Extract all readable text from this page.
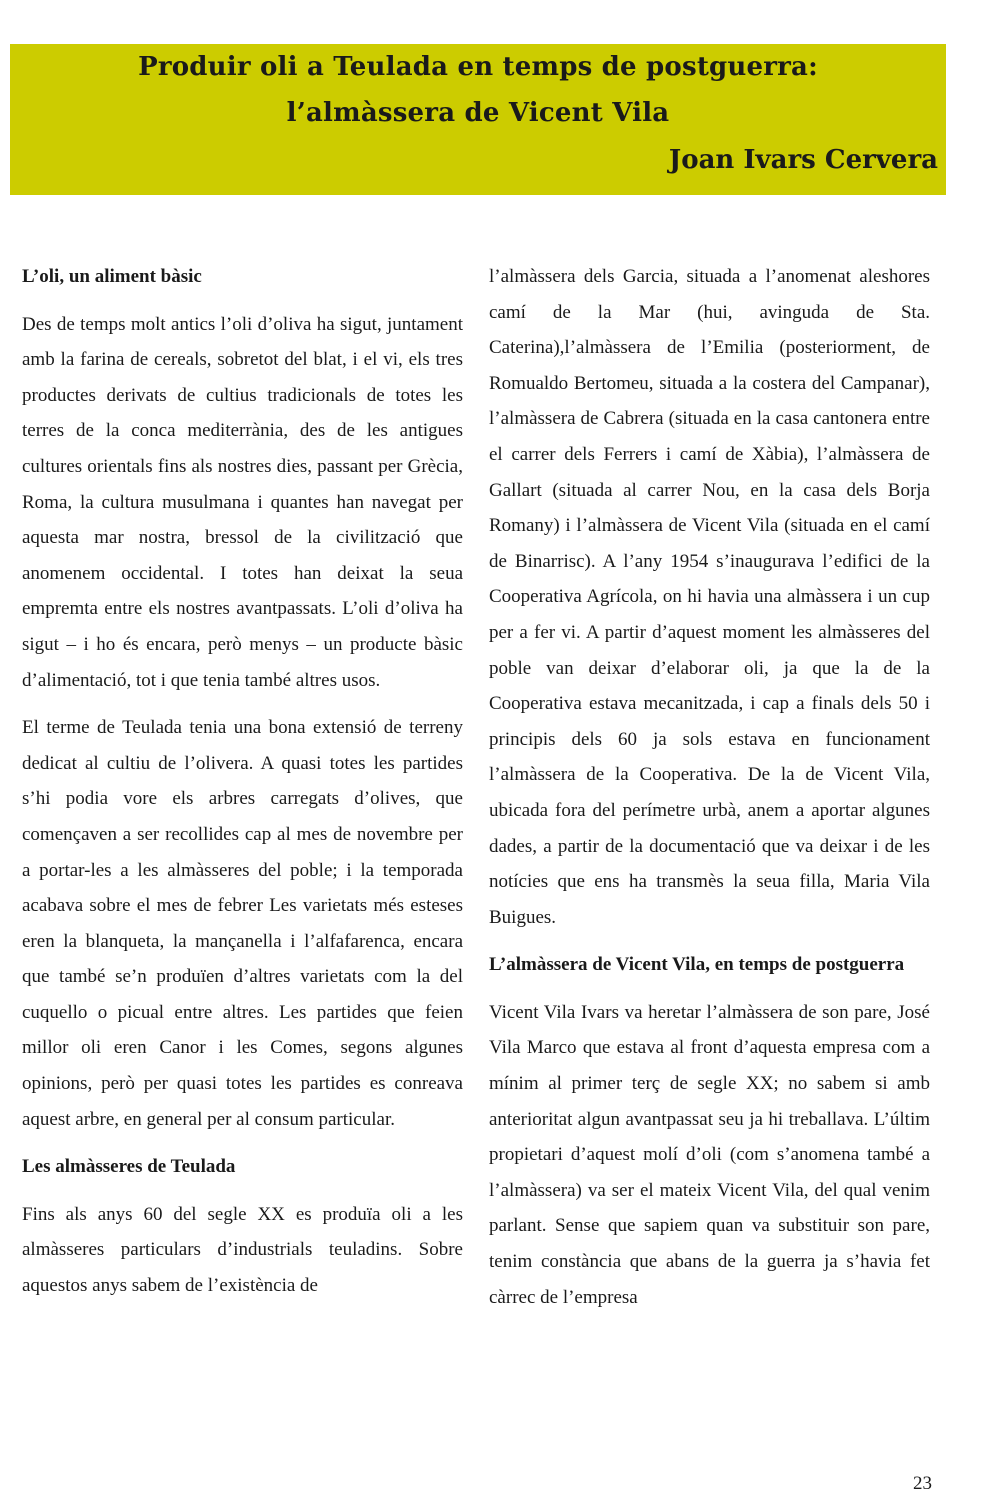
Produir oli a Teulada en temps de postguerra:
l’almàssera de Vicent Vila
Joan Ivars Cervera
L’oli, un aliment bàsic

Des de temps molt antics l’oli d’oliva ha sigut, juntament amb la farina de cereals, sobretot del blat, i el vi, els tres productes derivats de cultius tradicionals de totes les terres de la conca mediterrània, des de les antigues cultures orientals fins als nostres dies, passant per Grècia, Roma, la cultura musulmana i quantes han navegat per aquesta mar nostra, bressol de la civilització que anomenem occidental. I totes han deixat la seua empremta entre els nostres avantpassats. L’oli d’oliva ha sigut – i ho és encara, però menys – un producte bàsic d’alimentació, tot i que tenia també altres usos.

El terme de Teulada tenia una bona extensió de terreny dedicat al cultiu de l’olivera. A quasi totes les partides s’hi podia vore els arbres carregats d’olives, que començaven a ser recollides cap al mes de novembre per a portar-les a les almàsseres del poble; i la temporada acabava sobre el mes de febrer Les varietats més esteses eren la blanqueta, la mançanella i l’alfafarenca, encara que també se’n produïen d’altres varietats com la del cuquello o picual entre altres. Les partides que feien millor oli eren Canor i les Comes, segons algunes opinions, però per quasi totes les partides es conreava aquest arbre, en general per al consum particular.

Les almàsseres de Teulada

Fins als anys 60 del segle XX es produïa oli a les almàsseres particulars d’industrials teuladins. Sobre aquestos anys sabem de l’existència de

l’almàssera dels Garcia, situada a l’anomenat aleshores camí de la Mar (hui, avinguda de Sta. Caterina),l’almàssera de l’Emilia (posteriorment, de Romualdo Bertomeu, situada a la costera del Campanar), l’almàssera de Cabrera (situada en la casa cantonera entre el carrer dels Ferrers i camí de Xàbia), l’almàssera de Gallart (situada al carrer Nou, en la casa dels Borja Romany) i l’almàssera de Vicent Vila (situada en el camí de Binarrisc). A l’any 1954 s’inaugurava l’edifici de la Cooperativa Agrícola, on hi havia una almàssera i un cup per a fer vi. A partir d’aquest moment les almàsseres del poble van deixar d’elaborar oli, ja que la de la Cooperativa estava mecanitzada, i cap a finals dels 50 i principis dels 60 ja sols estava en funcionament l’almàssera de la Cooperativa. De la de Vicent Vila, ubicada fora del perímetre urbà, anem a aportar algunes dades, a partir de la documentació que va deixar i de les notícies que ens ha transmès la seua filla, Maria Vila Buigues.

L’almàssera de Vicent Vila, en temps de postguerra

Vicent Vila Ivars va heretar l’almàssera de son pare, José Vila Marco que estava al front d’aquesta empresa com a mínim al primer terç de segle XX; no sabem si amb anterioritat algun avantpassat seu ja hi treballava. L’últim propietari d’aquest molí d’oli (com s’anomena també a l’almàssera) va ser el mateix Vicent Vila, del qual venim parlant. Sense que sapiem quan va substituir son pare, tenim constància que abans de la guerra ja s’havia fet càrrec de l’empresa

23
